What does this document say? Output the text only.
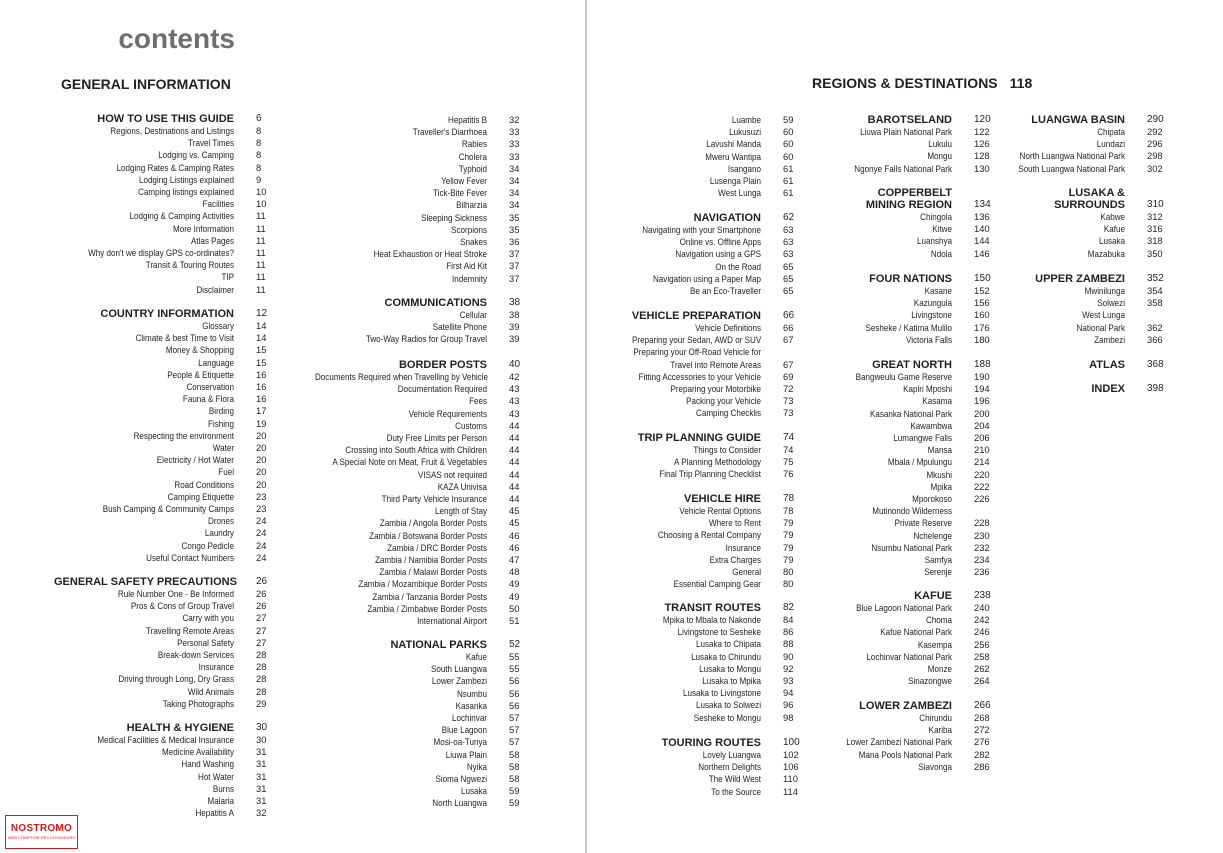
contents
GENERAL INFORMATION	REGIONS & DESTINATIONS 118
HOW TO USE THIS GUIDE	6
Regions, Destinations and Listings	8
Travel Times	8
Lodging vs. Camping	8
Lodging Rates & Camping Rates	8
Lodging Listings explained	9
Camping listings explained	10
Facilities	10
Lodging & Camping Activities	11
More Information	11
Atlas Pages	11
Why don't we display GPS co-ordinates?	11
Transit & Touring Routes	11
TIP	11
Disclaimer	11
COUNTRY INFORMATION	12
Glossary	14
Climate & best Time to Visit	14
Money & Shopping	15
Language	15
People & Etiquette	16
Conservation	16
Fauna & Flora	16
Birding	17
Fishing	19
Respecting the environment	20
Water	20
Electricity / Hot Water	20
Fuel	20
Road Conditions	20
Camping Etiquette	23
Bush Camping & Community Camps	23
Drones	24
Laundry	24
Congo Pedicle	24
Useful Contact Numbers	24
GENERAL SAFETY PRECAUTIONS	26
Rule Number One - Be Informed	26
Pros & Cons of Group Travel	26
Carry with you	27
Travelling Remote Areas	27
Personal Safety	27
Break-down Services	28
Insurance	28
Driving through Long, Dry Grass	28
Wild Animals	28
Taking Photographs	29
HEALTH & HYGIENE	30
Medical Facilities & Medical Insurance	30
Medicine Availability	31
Hand Washing	31
Hot Water	31
Burns	31
Malaria	31
Hepatitis A	32
Hepatitis B	32
Traveller's Diarrhoea	33
Rabies	33
Cholera	33
Typhoid	34
Yellow Fever	34
Tick-Bite Fever	34
Bilharzia	34
Sleeping Sickness	35
Scorpions	35
Snakes	36
Heat Exhaustion or Heat Stroke	37
First Aid Kit	37
Indemnity	37
COMMUNICATIONS	38
Cellular	38
Satellite Phone	39
Two-Way Radios for Group Travel	39
BORDER POSTS	40
Documents Required when Travelling by Vehicle	42
Documentation Required	43
Fees	43
Vehicle Requirements	43
Customs	44
Duty Free Limits per Person	44
Crossing into South Africa with Children	44
A Special Note on Meat, Fruit & Vegetables	44
VISAS not required	44
KAZA Univisa	44
Third Party Vehicle Insurance	44
Length of Stay	45
Zambia / Angola Border Posts	45
Zambia / Botswana Border Posts	46
Zambia / DRC Border Posts	46
Zambia / Namibia Border Posts	47
Zambia / Malawi Border Posts	48
Zambia / Mozambique Border Posts	49
Zambia / Tanzania Border Posts	49
Zambia / Zimbabwe Border Posts	50
International Airport	51
NATIONAL PARKS	52
Kafue	55
South Luangwa	55
Lower Zambezi	56
Nsumbu	56
Kasanka	56
Lochinvar	57
Blue Lagoon	57
Mosi-oa-Tunya	57
Liuwa Plain	58
Nyika	58
Sioma Ngwezi	58
Lusaka	59
North Luangwa	59
Luambe	59
Lukusuzi	60
Lavushi Manda	60
Mweru Wantipa	60
Isangano	61
Lusenga Plain	61
West Lunga	61
NAVIGATION	62
Navigating with your Smartphone	63
Online vs. Offline Apps	63
Navigation using a GPS	63
On the Road	65
Navigation using a Paper Map	65
Be an Eco-Traveller	65
VEHICLE PREPARATION	66
Vehicle Definitions	66
Preparing your Sedan, AWD or SUV	67
Preparing your Off-Road Vehicle for
Travel into Remote Areas	67
Fitting Accessories to your Vehicle	69
Preparing your Motorbike	72
Packing your Vehicle	73
Camping Checklis	73
TRIP PLANNING GUIDE	74
Things to Consider	74
A Planning Methodology	75
Final Trip Planning Checklist	76
VEHICLE HIRE	78
Vehicle Rental Options	78
Where to Rent	79
Choosing a Rental Company	79
Insurance	79
Extra Charges	79
General	80
Essential Camping Gear	80
TRANSIT ROUTES	82
Mpika to Mbala to Nakonde	84
Livingstone to Sesheke	86
Lusaka to Chipata	88
Lusaka to Chirundu	90
Lusaka to Mongu	92
Lusaka to Mpika	93
Lusaka to Livingstone	94
Lusaka to Solwezi	96
Sesheke to Mongu	98
TOURING ROUTES	100
Lovely Luangwa	102
Northern Delights	106
The Wild West	110
To the Source	114
BAROTSELAND	120
Liuwa Plain National Park	122
Lukulu	126
Mongu	128
Ngonye Falls National Park	130
COPPERBELT
MINING REGION	134
Chingola	136
Kitwe	140
Luanshya	144
Ndola	146
FOUR NATIONS	150
Kasane	152
Kazungula	156
Livingstone	160
Sesheke / Katima Mulilo	176
Victoria Falls	180
GREAT NORTH	188
Bangweulu Game Reserve	190
Kapiri Mposhi	194
Kasama	196
Kasanka National Park	200
Kawambwa	204
Lumangwe Falls	206
Mansa	210
Mbala / Mpulungu	214
Mkushi	220
Mpika	222
Mporokoso	226
Mutinondo Wilderness
Private Reserve	228
Nchelenge	230
Nsumbu National Park	232
Samfya	234
Serenje	236
KAFUE	238
Blue Lagoon National Park	240
Choma	242
Kafue National Park	246
Kasempa	256
Lochinvar National Park	258
Monze	262
Sinazongwe	264
LOWER ZAMBEZI	266
Chirundu	268
Kariba	272
Lower Zambezi National Park	276
Mana Pools National Park	282
Siavonga	286
LUANGWA BASIN	290
Chipata	292
Lundazi	296
North Luangwa National Park	298
South Luangwa National Park	302
LUSAKA &
SURROUNDS	310
Kabwe	312
Kafue	316
Lusaka	318
Mazabuka	350
UPPER ZAMBEZI	352
Mwinilunga	354
Solwezi	358
West Lunga
National Park	362
Zambezi	366
ATLAS	368
INDEX	398
NOSTROMO
WEB COMPTOIR DES VOYAGEURS
